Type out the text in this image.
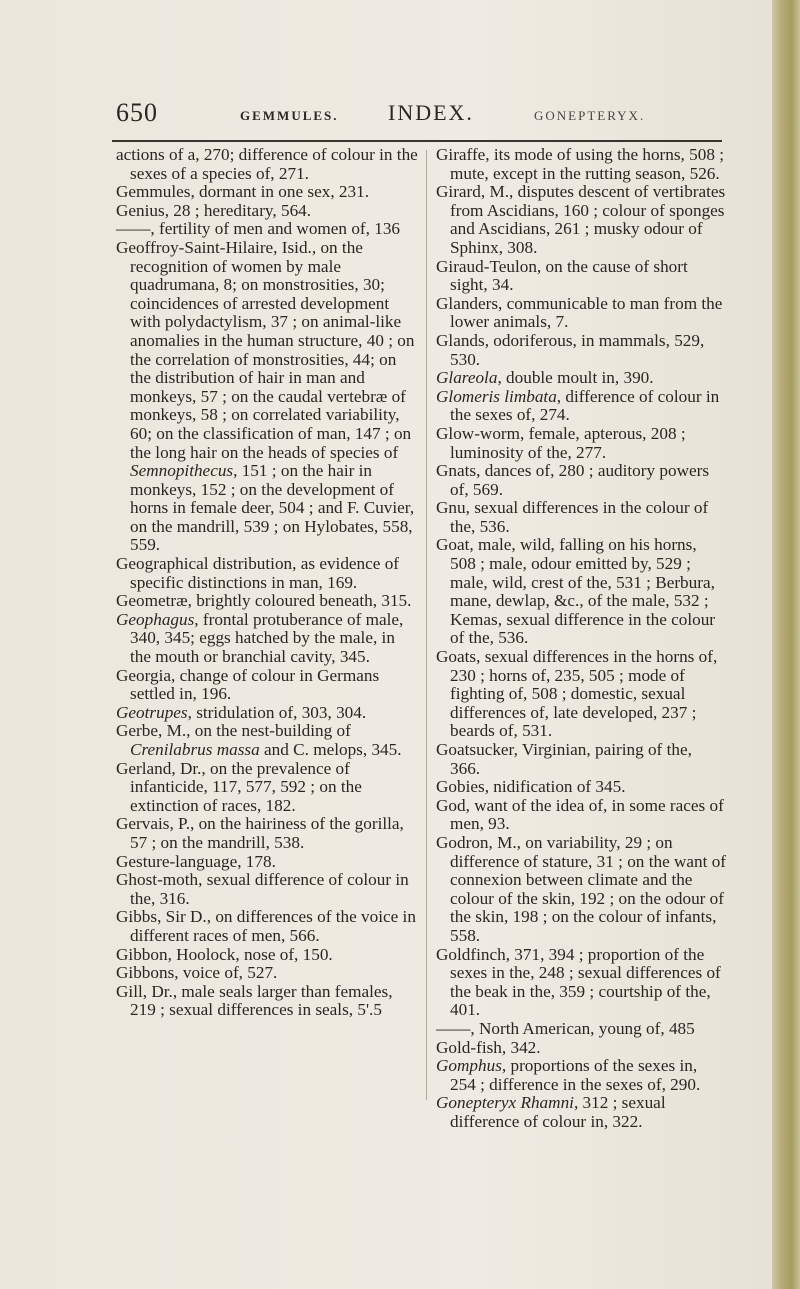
650	GEMMULES. INDEX.	GONEPTERYX.

actions of a, 270; difference of colour in the sexes of a species of, 271.

Gemmules, dormant in one sex, 231.

Genius, 28 ; hereditary, 564.

——, fertility of men and women of, 136

Geoffroy-Saint-Hilaire, Isid., on the recognition of women by male quadrumana, 8; on monstrosities, 30; coincidences of arrested development with polydactylism, 37 ; on animal-like anomalies in the human structure, 40 ; on the correlation of monstrosities, 44; on the distribution of hair in man and monkeys, 57 ; on the caudal vertebræ of monkeys, 58 ; on correlated variability, 60; on the classification of man, 147 ; on the long hair on the heads of species of Semnopithecus, 151 ; on the hair in monkeys, 152 ; on the development of horns in female deer, 504 ; and F. Cuvier, on the mandrill, 539 ; on Hylobates, 558, 559.

Geographical distribution, as evidence of specific distinctions in man, 169.

Geometræ, brightly coloured beneath, 315.

Geophagus, frontal protuberance of male, 340, 345; eggs hatched by the male, in the mouth or branchial cavity, 345.

Georgia, change of colour in Germans settled in, 196.

Geotrupes, stridulation of, 303, 304.

Gerbe, M., on the nest-building of Crenilabrus massa and C. melops, 345.

Gerland, Dr., on the prevalence of infanticide, 117, 577, 592 ; on the extinction of races, 182.

Gervais, P., on the hairiness of the gorilla, 57 ; on the mandrill, 538.

Gesture-language, 178.

Ghost-moth, sexual difference of colour in the, 316.

Gibbs, Sir D., on differences of the voice in different races of men, 566.

Gibbon, Hoolock, nose of, 150.

Gibbons, voice of, 527.

Gill, Dr., male seals larger than females, 219 ; sexual differences in seals, 5'.5

Giraffe, its mode of using the horns, 508 ; mute, except in the rutting season, 526.

Girard, M., disputes descent of vertibrates from Ascidians, 160 ; colour of sponges and Ascidians, 261 ; musky odour of Sphinx, 308.

Giraud-Teulon, on the cause of short sight, 34.

Glanders, communicable to man from the lower animals, 7.

Glands, odoriferous, in mammals, 529, 530.

Glareola, double moult in, 390.

Glomeris limbata, difference of colour in the sexes of, 274.

Glow-worm, female, apterous, 208 ; luminosity of the, 277.

Gnats, dances of, 280 ; auditory powers of, 569.

Gnu, sexual differences in the colour of the, 536.

Goat, male, wild, falling on his horns, 508 ; male, odour emitted by, 529 ; male, wild, crest of the, 531 ; Berbura, mane, dewlap, &c., of the male, 532 ; Kemas, sexual difference in the colour of the, 536.

Goats, sexual differences in the horns of, 230 ; horns of, 235, 505 ; mode of fighting of, 508 ; domestic, sexual differences of, late developed, 237 ; beards of, 531.

Goatsucker, Virginian, pairing of the, 366.

Gobies, nidification of 345.

God, want of the idea of, in some races of men, 93.

Godron, M., on variability, 29 ; on difference of stature, 31 ; on the want of connexion between climate and the colour of the skin, 192 ; on the odour of the skin, 198 ; on the colour of infants, 558.

Goldfinch, 371, 394 ; proportion of the sexes in the, 248 ; sexual differences of the beak in the, 359 ; courtship of the, 401.

——, North American, young of, 485

Gold-fish, 342.

Gomphus, proportions of the sexes in, 254 ; difference in the sexes of, 290.

Gonepteryx Rhamni, 312 ; sexual difference of colour in, 322.
